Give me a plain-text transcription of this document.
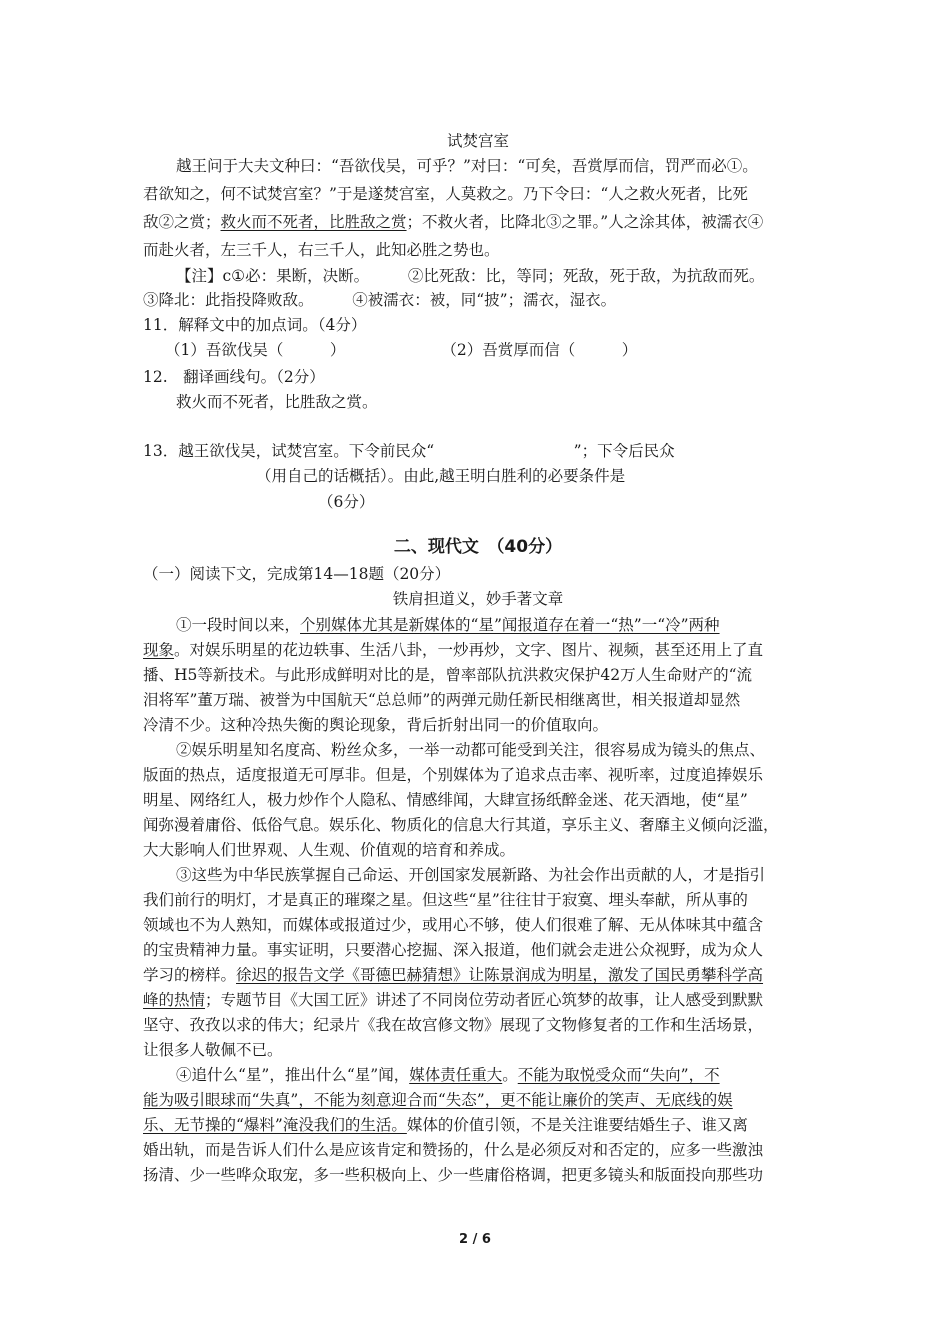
试焚宫室
越王问于大夫文种曰：“吾欲伐吴，可乎？”对曰：“可矣，吾赏厚而信，罚严而必①。
君欲知之，何不试焚宫室？”于是遂焚宫室，人莫救之。乃下令曰：“人之救火死者，比死
敌②之赏；救火而不死者，比胜敌之赏；不救火者，比降北③之罪。”人之涂其体，被濡衣④
而赴火者，左三千人，右三千人，此知必胜之势也。
【注】c①必：果断，决断。　　　②比死敌：比，等同；死敌，死于敌，为抗敌而死。
③降北：此指投降败敌。　　　④被濡衣：被，同“披”；濡衣，湿衣。
11．解释文中的加点词。（4分）
（1）吾欲伐吴（　　　）	（2）吾赏厚而信（　　　）
12.　翻译画线句。（2分）
救火而不死者，比胜敌之赏。
13．越王欲伐吴，试焚宫室。下令前民众“　　　　　　　　　”；下令后民众
（用自己的话概括）。由此,越王明白胜利的必要条件是
（6分）
二、现代文　（40分）
（一）阅读下文，完成第14—18题（20分）
铁肩担道义，妙手著文章
①一段时间以来，个别媒体尤其是新媒体的“星”闻报道存在着一“热”一“冷”两种
现象。对娱乐明星的花边轶事、生活八卦，一炒再炒，文字、图片、视频，甚至还用上了直
播、H5等新技术。与此形成鲜明对比的是，曾率部队抗洪救灾保护42万人生命财产的“流
泪将军”董万瑞、被誉为中国航天“总总师”的两弹元勋任新民相继离世，相关报道却显然
冷清不少。这种冷热失衡的舆论现象，背后折射出同一的价值取向。
②娱乐明星知名度高、粉丝众多，一举一动都可能受到关注，很容易成为镜头的焦点、
版面的热点，适度报道无可厚非。但是，个别媒体为了追求点击率、视听率，过度追捧娱乐
明星、网络红人，极力炒作个人隐私、情感绯闻，大肆宣扬纸醉金迷、花天酒地，使“星”
闻弥漫着庸俗、低俗气息。娱乐化、物质化的信息大行其道，享乐主义、奢靡主义倾向泛滥，
大大影响人们世界观、人生观、价值观的培育和养成。
③这些为中华民族掌握自己命运、开创国家发展新路、为社会作出贡献的人，才是指引
我们前行的明灯，才是真正的璀璨之星。但这些“星”往往甘于寂寞、埋头奉献，所从事的
领域也不为人熟知，而媒体或报道过少，或用心不够，使人们很难了解、无从体味其中蕴含
的宝贵精神力量。事实证明，只要潜心挖掘、深入报道，他们就会走进公众视野，成为众人
学习的榜样。徐迟的报告文学《哥德巴赫猜想》让陈景润成为明星，激发了国民勇攀科学高
峰的热情；专题节目《大国工匠》讲述了不同岗位劳动者匠心筑梦的故事，让人感受到默默
坚守、孜孜以求的伟大；纪录片《我在故宫修文物》展现了文物修复者的工作和生活场景，
让很多人敬佩不已。
④追什么“星”，推出什么“星”闻，媒体责任重大。不能为取悦受众而“失向”，不
能为吸引眼球而“失真”，不能为刻意迎合而“失态”，更不能让廉价的笑声、无底线的娱
乐、无节操的“爆料”淹没我们的生活。媒体的价值引领，不是关注谁要结婚生子、谁又离
婚出轨，而是告诉人们什么是应该肯定和赞扬的，什么是必须反对和否定的，应多一些激浊
扬清、少一些哗众取宠，多一些积极向上、少一些庸俗格调，把更多镜头和版面投向那些功
2 / 6
